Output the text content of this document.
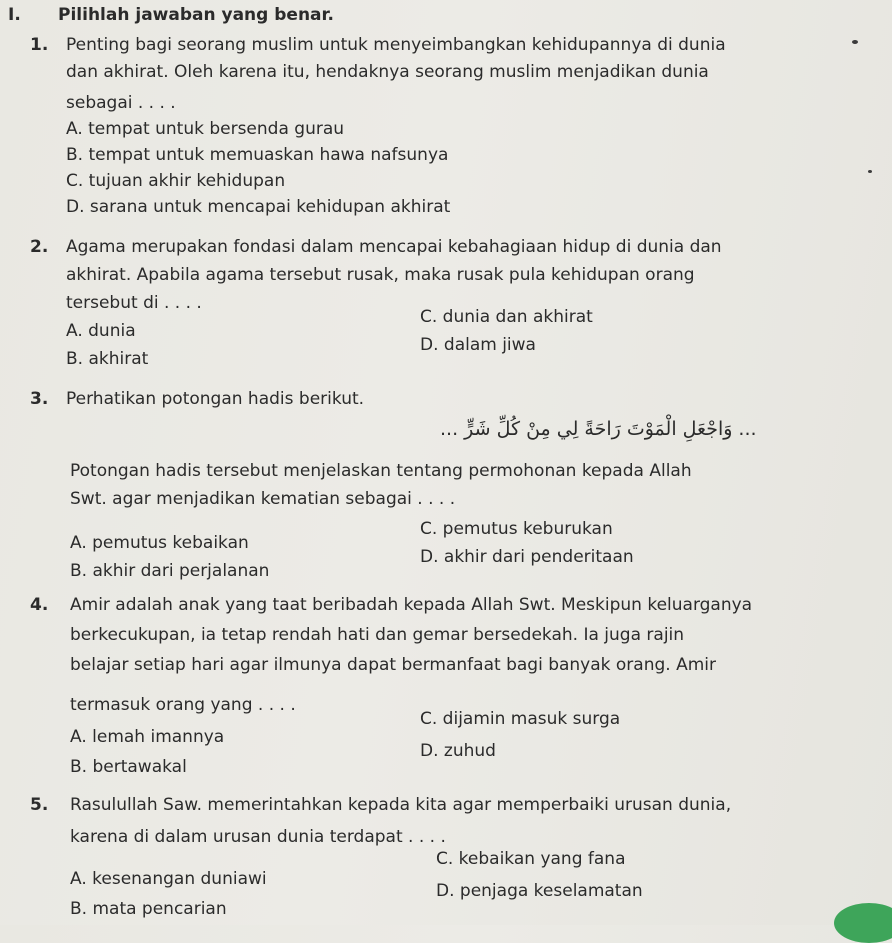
I. Pilihlah jawaban yang benar.
1. Penting bagi seorang muslim untuk menyeimbangkan kehidupannya di dunia
dan akhirat. Oleh karena itu, hendaknya seorang muslim menjadikan dunia
sebagai . . . .
A. tempat untuk bersenda gurau
B. tempat untuk memuaskan hawa nafsunya
C. tujuan akhir kehidupan
D. sarana untuk mencapai kehidupan akhirat
2. Agama merupakan fondasi dalam mencapai kebahagiaan hidup di dunia dan
akhirat. Apabila agama tersebut rusak, maka rusak pula kehidupan orang
tersebut di . . . .
A. dunia
B. akhirat
C. dunia dan akhirat
D. dalam jiwa
3. Perhatikan potongan hadis berikut.
... وَاجْعَلِ الْمَوْتَ رَاحَةً لِي مِنْ كُلِّ شَرٍّ ...
Potongan hadis tersebut menjelaskan tentang permohonan kepada Allah
Swt. agar menjadikan kematian sebagai . . . .
A. pemutus kebaikan
B. akhir dari perjalanan
C. pemutus keburukan
D. akhir dari penderitaan
4. Amir adalah anak yang taat beribadah kepada Allah Swt. Meskipun keluarganya
berkecukupan, ia tetap rendah hati dan gemar bersedekah. Ia juga rajin
belajar setiap hari agar ilmunya dapat bermanfaat bagi banyak orang. Amir
termasuk orang yang . . . .
A. lemah imannya
B. bertawakal
C. dijamin masuk surga
D. zuhud
5. Rasulullah Saw. memerintahkan kepada kita agar memperbaiki urusan dunia,
karena di dalam urusan dunia terdapat . . . .
A. kesenangan duniawi
B. mata pencarian
C. kebaikan yang fana
D. penjaga keselamatan
